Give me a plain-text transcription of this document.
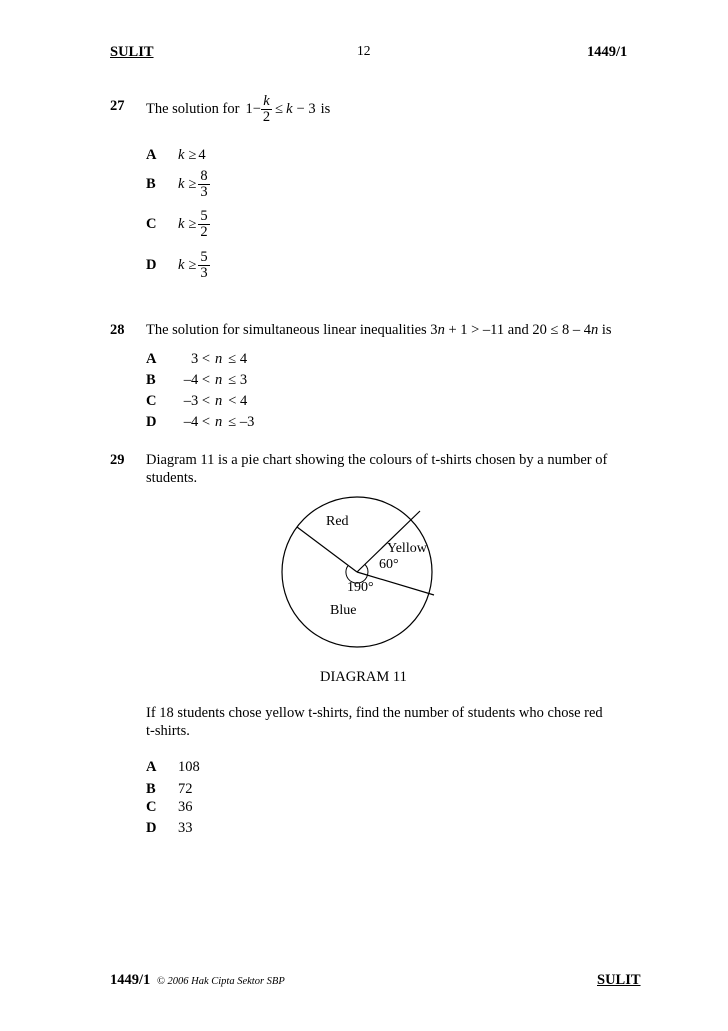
SULIT	12	1449/1
27 The solution for $1 - \frac{k}{2} \le k - 3$ is
A	k ≥ 4
B	$k \ge \frac{8}{3}$
C	$k \ge \frac{5}{2}$
D	$k \ge \frac{5}{3}$
28 The solution for simultaneous linear inequalities 3n + 1 > –11 and 20 ≤ 8 – 4n is
A	3 < n ≤ 4
B	–4 < n ≤ 3
C	–3 < n < 4
D	–4 < n ≤ –3
29 Diagram 11 is a pie chart showing the colours of t-shirts chosen by a number of
students.
Red
Yellow
60°
190°
Blue
DIAGRAM 11
If 18 students chose yellow t-shirts, find the number of students who chose red
t-shirts.
A	108
B	72
C	36
D	33
1449/1 © 2006 Hak Cipta Sektor SBP	SULIT
